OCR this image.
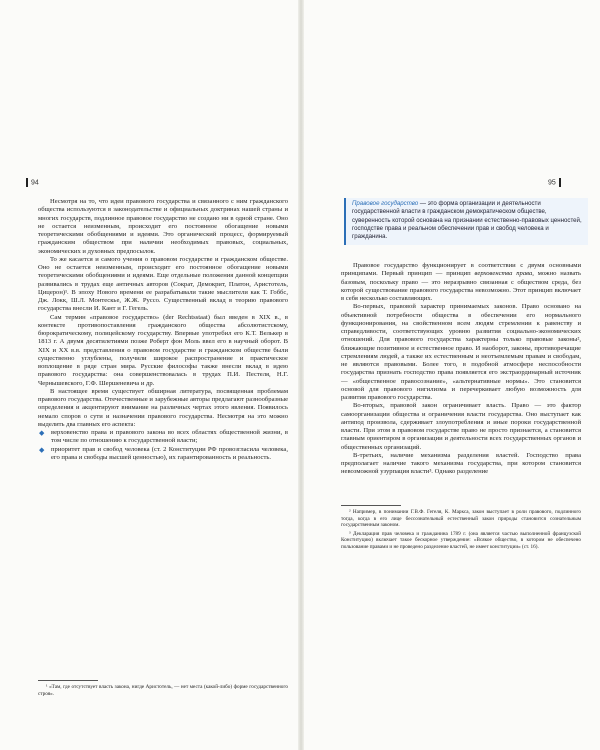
94

Несмотря на то, что идеи правового государства и связанного с ним гражданского общества используются в законодательстве и официальных доктринах нашей страны и многих государств, подлинное правовое государство не создано ни в одной стране. Оно не остается неизменным, происходит его постоянное обогащение новыми теоретическими обобщениями и идеями. Это органический процесс, формируемый гражданским обществом при наличии необходимых правовых, социальных, экономических и духовных предпосылок.

То же касается и самого учения о правовом государстве и гражданском обществе. Оно не остается неизменным, происходит его постоянное обогащение новыми теоретическими обобщениями и идеями. Еще отдельные положения данной концепции развивались в трудах еще античных авторов (Сократ, Демокрит, Платон, Аристотель, Цицерон)¹. В эпоху Нового времени ее разрабатывали такие мыслители как Т. Гоббс, Дж. Локк, Ш.Л. Монтескье, Ж.Ж. Руссо. Существенный вклад в теорию правового государства внесли И. Кант и Г. Гегель.

Сам термин «правовое государство» (der Rechtsstaat) был введен в XIX в., в контексте противопоставления гражданского общества абсолютистскому, бюрократическому, полицейскому государству. Впервые употребил его К.Т. Велькер в 1813 г. А двумя десятилетиями позже Роберт фон Моль ввел его в научный оборот. В XIX и XX в.в. представления о правовом государстве и гражданском обществе были существенно углублены, получили широкое распространение и практическое воплощение в ряде стран мира. Русские философы также внесли вклад в идею правового государства: она совершенствовалась в трудах П.И. Пестеля, Н.Г. Чернышевского, Г.Ф. Шершеневича и др.

В настоящее время существует обширная литература, посвященная проблемам правового государства. Отечественные и зарубежные авторы предлагают разнообразные определения и акцентируют внимание на различных чертах этого явления. Появилось немало споров о сути и назначении правового государства. Несмотря на это можно выделить два главных его аспекта:

◆ верховенство права и правового закона во всех областях общественной жизни, в том числе по отношению к государственной власти;
◆ приоритет прав и свобод человека (ст. 2 Конституции РФ провозгласила человека, его права и свободы высшей ценностью), их гарантированность и реальность.

¹ «Там, где отсутствует власть закона, нигде Аристотель, — нет места (какой-либо) форме государственного строя».

95
Правовое государство — это форма организации и деятельности государственной власти в гражданском демократическом обществе, суверенность которой основана на признании естественно-правовых ценностей, господстве права и реальном обеспечении прав и свобод человека и гражданина.

Правовое государство функционирует в соответствии с двумя основными принципами. Первый принцип — принцип верховенства права, можно назвать базовым, поскольку право — это неразрывно связанная с обществом среда, без которой существование правового государства невозможно. Этот принцип включает в себя несколько составляющих.

Во-первых, правовой характер принимаемых законов. Право основано на объективной потребности общества в обеспечении его нормального функционирования, на свойственном всем людям стремлении к равенству и справедливости, соответствующих уровню развития социально-экономических отношений. Для правового государства характерны только правовые законы², ближающие позитивное и естественное право. И наоборот, законы, противоречащие стремлениям людей, а также их естественным и неотъемлемым правам и свободам, не являются правовыми. Более того, в подобной атмосфере неспособности государства признать господство права появляется его экстраординарный источник — «общественное правосознание», «альтернативные нормы». Это становится основой для правового нигилизма и перечеркивает любую возможность для развития правового государства.

Во-вторых, правовой закон ограничивает власть. Право — это фактор самоорганизации общества и ограничения власти государства. Оно выступает как антипод произвола, сдерживает злоупотребления и иные пороки государственной власти. При этом в правовом государстве право не просто признается, а становится главным ориентиром в организации и деятельности всех государственных органов и общественных организаций.

В-третьих, наличие механизма разделения властей. Господство права предполагает наличие такого механизма государства, при котором становится невозможной узурпация власти³. Однако разделение

² Например, в понимании Г.В.Ф. Гегеля, К. Маркса, закон выступает в роли правового, подлинного тогда, когда в его лице бессознательный естественный закон природы становится сознательным государственным законом.

³ Декларация прав человека и гражданина 1789 г. (она является частью выполненной французской Конституцию) включает такое бескорное утверждение: «Всякое общество, в котором не обеспечено пользование правами и не проведено разделение властей, не имеет конституции» (ст. 16).
